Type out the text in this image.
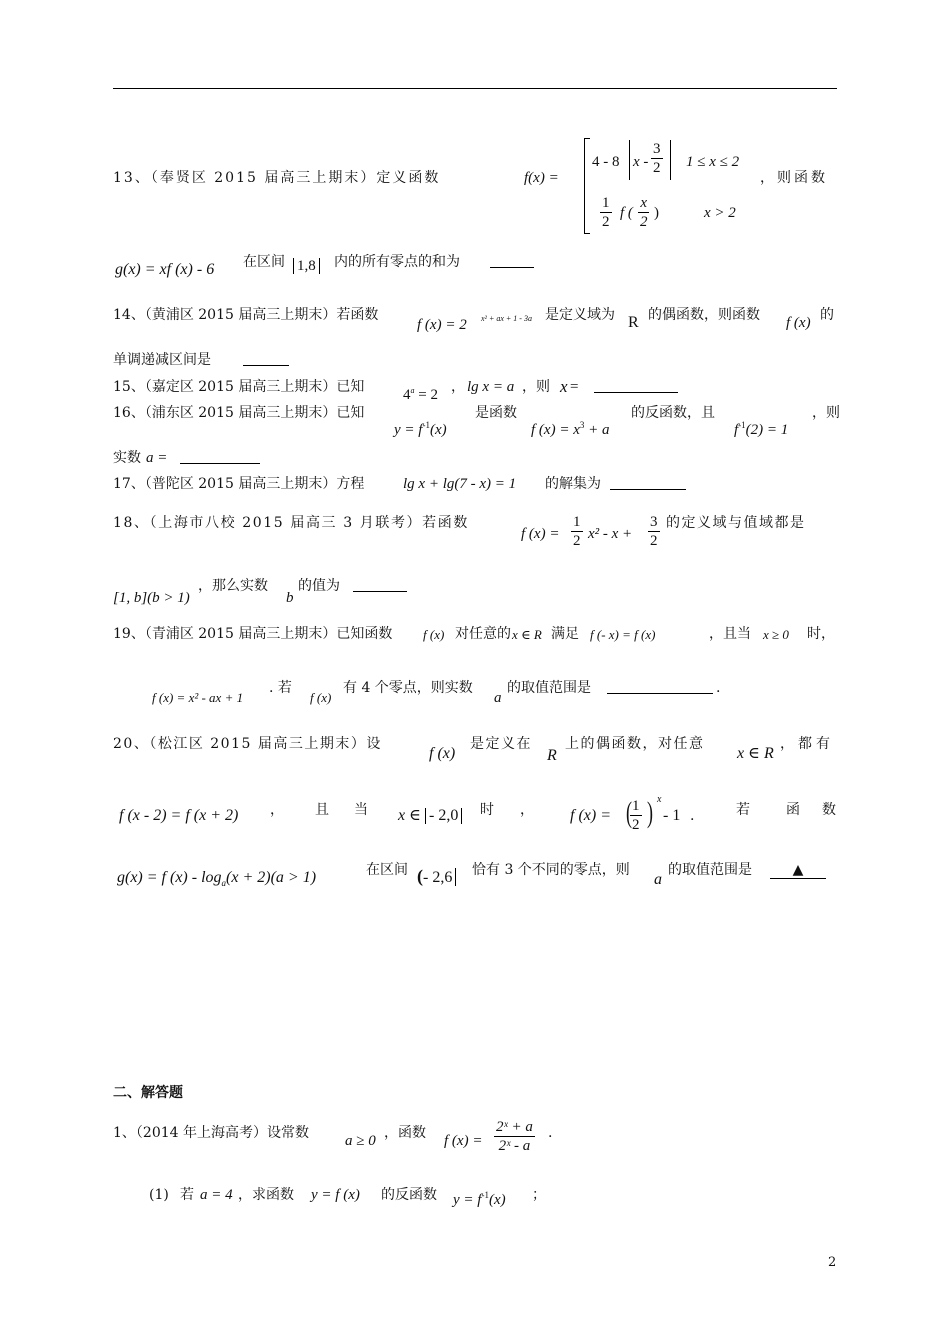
13、（奉贤区 2015 届高三上期末）定义函数	f(x) =
4 - 8 $x - \frac{3}{2} 1 \le x \le 2$
$\frac{1}{2}$ f ( $\frac{x}{2}$ )	x > 2
，则函数
g(x) = xf (x) - 6 在区间 1,8 内的所有零点的和为
14、（黄浦区 2015 届高三上期末）若函数
f (x) = 2 x² + ax + 1 - 3a 是定义域为 R 的偶函数，则函数 f (x) 的
单调递减区间是
15、（嘉定区 2015 届高三上期末）已知	$4^a = 2$ ， lg x = a ，则 x =
16、（浦东区 2015 届高三上期末）已知
$y = f^{-1}(x)$
是函数
f $(x) = x^3 + a$
的反函数，且
$f^{-1}(2) = 1$
，则
实数 a =
17、（普陀区 2015 届高三上期末）方程	lg x + lg(7 - x) = 1 的解集为
18、（上海市八校 2015 届高三 3 月联考）若函数
f $(x) = \frac{1}{2} x^2 - x + \frac{3}{2}$ 的定义域与值域都是
[1, b](b > 1)
，那么实数
b
的值为
19、（青浦区 2015 届高三上期末）已知函数 f (x) 对任意的 x ∈ R 满足 f (- x) = f (x)	，且当 x ≥ 0 时，
f (x) = x² - ax + 1
. 若
f (x)
有 4 个零点，则实数
a
的取值范围是	.
20、（松江区 2015 届高三上期末）设
f (x)
是定义在
R
上的偶函数，对任意
x ∈ R
，都有
f (x - 2) = f (x + 2) ， 且 当 x ∈ - 2,0 时 ， f (x) = (
$\frac{1}{2}$ ) x
- 1 .	若	函 数
g(x) = f $(x) - \log_a(x + 2)(a > 1)$	在区间 (- 2,6 恰有 3 个不同的零点，则
a
的取值范围是	▲
二、解答题
1、（2014 年上海高考）设常数 a ≥ 0 ，函数 f $(x) = \frac{\text{2ˣ + a}}{\text{2ˣ - a}}$ .
(1) 若 a = 4 ，求函数 y = f (x) 的反函数 $y = f^{-1}(x)$ ；
2
